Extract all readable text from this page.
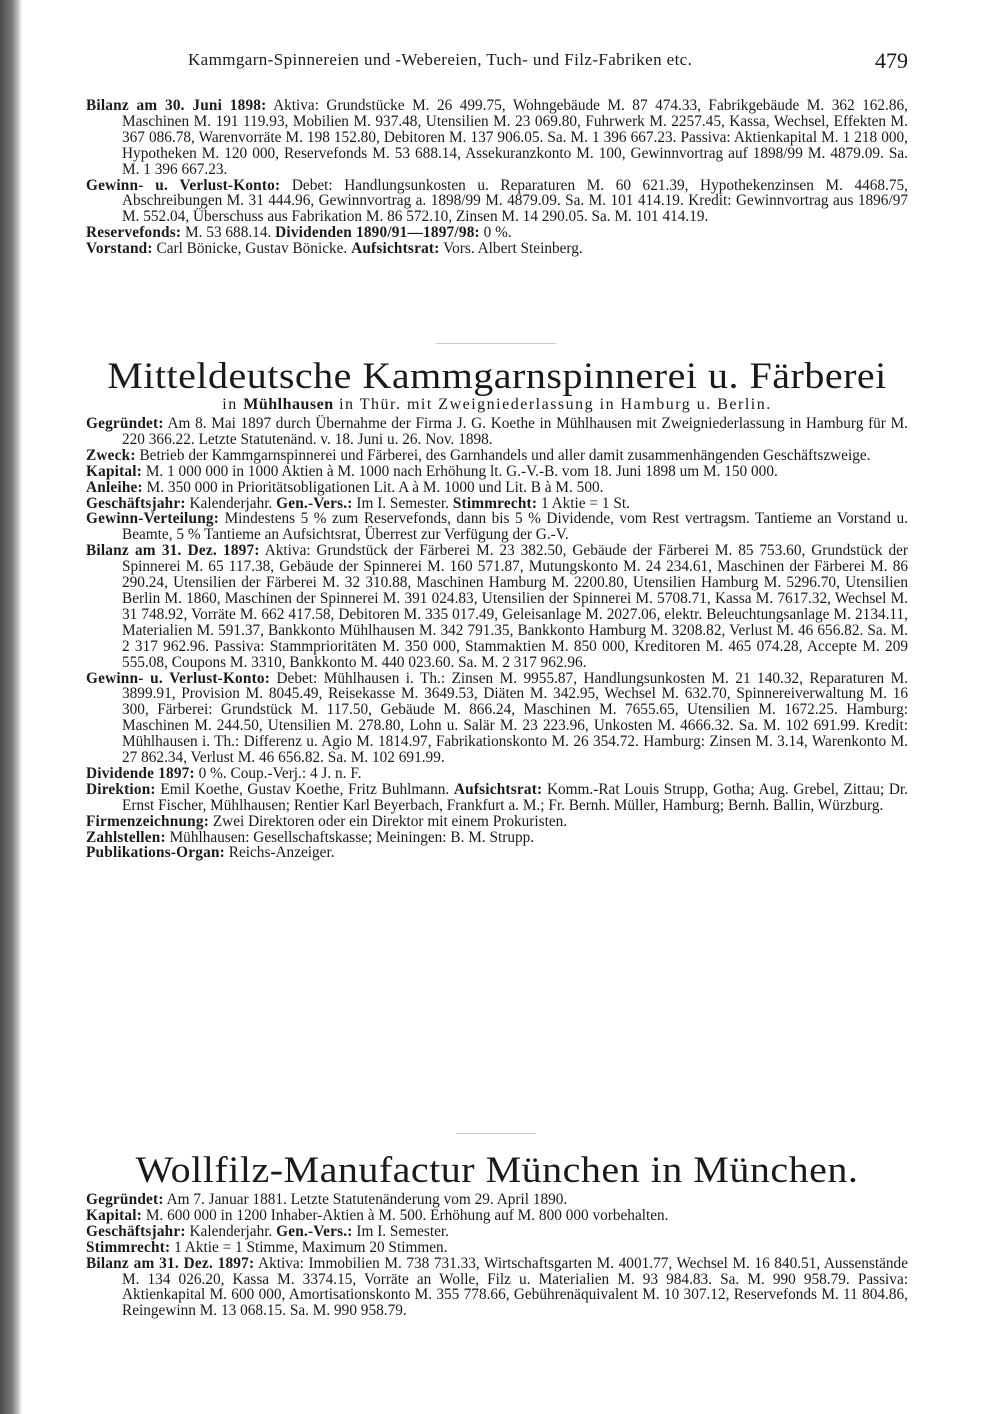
Kammgarn-Spinnereien und -Webereien, Tuch- und Filz-Fabriken etc.	479

Bilanz am 30. Juni 1898: Aktiva: Grundstücke M. 26 499.75, Wohngebäude M. 87 474.33, Fabrikgebäude M. 362 162.86, Maschinen M. 191 119.93, Mobilien M. 937.48, Utensilien M. 23 069.80, Fuhrwerk M. 2257.45, Kassa, Wechsel, Effekten M. 367 086.78, Warenvorräte M. 198 152.80, Debitoren M. 137 906.05. Sa. M. 1 396 667.23. Passiva: Aktienkapital M. 1 218 000, Hypotheken M. 120 000, Reservefonds M. 53 688.14, Assekuranzkonto M. 100, Gewinnvortrag auf 1898/99 M. 4879.09. Sa. M. 1 396 667.23.

Gewinn- u. Verlust-Konto: Debet: Handlungsunkosten u. Reparaturen M. 60 621.39, Hypothekenzinsen M. 4468.75, Abschreibungen M. 31 444.96, Gewinnvortrag a. 1898/99 M. 4879.09. Sa. M. 101 414.19. Kredit: Gewinnvortrag aus 1896/97 M. 552.04, Überschuss aus Fabrikation M. 86 572.10, Zinsen M. 14 290.05. Sa. M. 101 414.19.

Reservefonds: M. 53 688.14. Dividenden 1890/91—1897/98: 0 %.

Vorstand: Carl Bönicke, Gustav Bönicke. Aufsichtsrat: Vors. Albert Steinberg.

Mitteldeutsche Kammgarnspinnerei u. Färberei
in Mühlhausen in Thür. mit Zweigniederlassung in Hamburg u. Berlin.

Gegründet: Am 8. Mai 1897 durch Übernahme der Firma J. G. Koethe in Mühlhausen mit Zweigniederlassung in Hamburg für M. 220 366.22. Letzte Statutenänd. v. 18. Juni u. 26. Nov. 1898.

Zweck: Betrieb der Kammgarnspinnerei und Färberei, des Garnhandels und aller damit zusammenhängenden Geschäftszweige.

Kapital: M. 1 000 000 in 1000 Aktien à M. 1000 nach Erhöhung lt. G.-V.-B. vom 18. Juni 1898 um M. 150 000.

Anleihe: M. 350 000 in Prioritätsobligationen Lit. A à M. 1000 und Lit. B à M. 500.

Geschäftsjahr: Kalenderjahr. Gen.-Vers.: Im I. Semester. Stimmrecht: 1 Aktie = 1 St.

Gewinn-Verteilung: Mindestens 5 % zum Reservefonds, dann bis 5 % Dividende, vom Rest vertragsm. Tantieme an Vorstand u. Beamte, 5 % Tantieme an Aufsichtsrat, Überrest zur Verfügung der G.-V.

Bilanz am 31. Dez. 1897: Aktiva: Grundstück der Färberei M. 23 382.50, Gebäude der Färberei M. 85 753.60, Grundstück der Spinnerei M. 65 117.38, Gebäude der Spinnerei M. 160 571.87, Mutungskonto M. 24 234.61, Maschinen der Färberei M. 86 290.24, Utensilien der Färberei M. 32 310.88, Maschinen Hamburg M. 2200.80, Utensilien Hamburg M. 5296.70, Utensilien Berlin M. 1860, Maschinen der Spinnerei M. 391 024.83, Utensilien der Spinnerei M. 5708.71, Kassa M. 7617.32, Wechsel M. 31 748.92, Vorräte M. 662 417.58, Debitoren M. 335 017.49, Geleisanlage M. 2027.06, elektr. Beleuchtungsanlage M. 2134.11, Materialien M. 591.37, Bankkonto Mühlhausen M. 342 791.35, Bankkonto Hamburg M. 3208.82, Verlust M. 46 656.82. Sa. M. 2 317 962.96. Passiva: Stammprioritäten M. 350 000, Stammaktien M. 850 000, Kreditoren M. 465 074.28, Accepte M. 209 555.08, Coupons M. 3310, Bankkonto M. 440 023.60. Sa. M. 2 317 962.96.

Gewinn- u. Verlust-Konto: Debet: Mühlhausen i. Th.: Zinsen M. 9955.87, Handlungsunkosten M. 21 140.32, Reparaturen M. 3899.91, Provision M. 8045.49, Reisekasse M. 3649.53, Diäten M. 342.95, Wechsel M. 632.70, Spinnereiverwaltung M. 16 300, Färberei: Grundstück M. 117.50, Gebäude M. 866.24, Maschinen M. 7655.65, Utensilien M. 1672.25. Hamburg: Maschinen M. 244.50, Utensilien M. 278.80, Lohn u. Salär M. 23 223.96, Unkosten M. 4666.32. Sa. M. 102 691.99. Kredit: Mühlhausen i. Th.: Differenz u. Agio M. 1814.97, Fabrikationskonto M. 26 354.72. Hamburg: Zinsen M. 3.14, Warenkonto M. 27 862.34, Verlust M. 46 656.82. Sa. M. 102 691.99.

Dividende 1897: 0 %. Coup.-Verj.: 4 J. n. F.

Direktion: Emil Koethe, Gustav Koethe, Fritz Buhlmann. Aufsichtsrat: Komm.-Rat Louis Strupp, Gotha; Aug. Grebel, Zittau; Dr. Ernst Fischer, Mühlhausen; Rentier Karl Beyerbach, Frankfurt a. M.; Fr. Bernh. Müller, Hamburg; Bernh. Ballin, Würzburg.

Firmenzeichnung: Zwei Direktoren oder ein Direktor mit einem Prokuristen.

Zahlstellen: Mühlhausen: Gesellschaftskasse; Meiningen: B. M. Strupp.

Publikations-Organ: Reichs-Anzeiger.

Wollfilz-Manufactur München in München.

Gegründet: Am 7. Januar 1881. Letzte Statutenänderung vom 29. April 1890.

Kapital: M. 600 000 in 1200 Inhaber-Aktien à M. 500. Erhöhung auf M. 800 000 vorbehalten.

Geschäftsjahr: Kalenderjahr. Gen.-Vers.: Im I. Semester.

Stimmrecht: 1 Aktie = 1 Stimme, Maximum 20 Stimmen.

Bilanz am 31. Dez. 1897: Aktiva: Immobilien M. 738 731.33, Wirtschaftsgarten M. 4001.77, Wechsel M. 16 840.51, Aussenstände M. 134 026.20, Kassa M. 3374.15, Vorräte an Wolle, Filz u. Materialien M. 93 984.83. Sa. M. 990 958.79. Passiva: Aktienkapital M. 600 000, Amortisationskonto M. 355 778.66, Gebührenäquivalent M. 10 307.12, Reservefonds M. 11 804.86, Reingewinn M. 13 068.15. Sa. M. 990 958.79.
